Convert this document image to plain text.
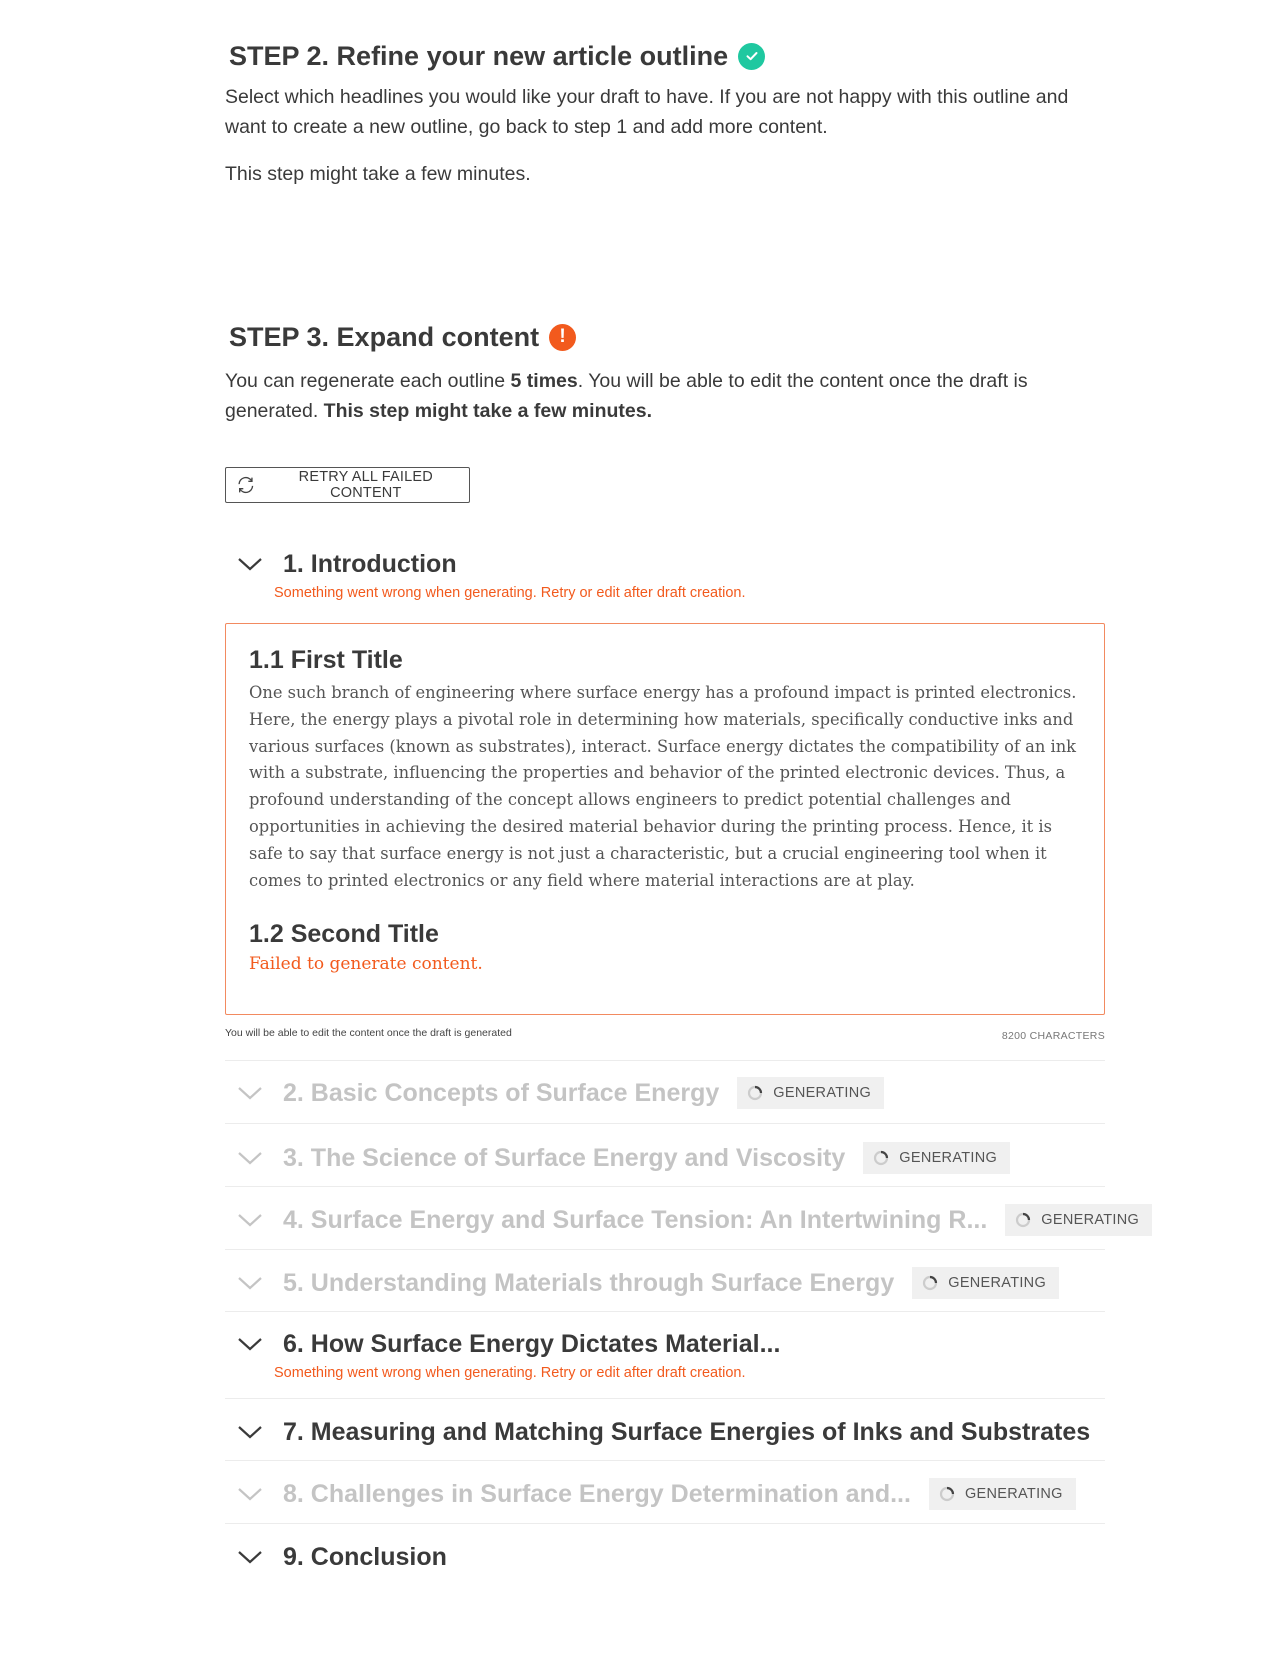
STEP 2. Refine your new article outline

Select which headlines you would like your draft to have. If you are not happy with this outline and want to create a new outline, go back to step 1 and add more content.

This step might take a few minutes.

STEP 3. Expand content	!

You can regenerate each outline 5 times. You will be able to edit the content once the draft is generated. This step might take a few minutes.

RETRY ALL FAILED CONTENT
1. Introduction
Something went wrong when generating. Retry or edit after draft creation.
1.1 First Title

One such branch of engineering where surface energy has a profound impact is printed electronics. Here, the energy plays a pivotal role in determining how materials, specifically conductive inks and various surfaces (known as substrates), interact. Surface energy dictates the compatibility of an ink with a substrate, influencing the properties and behavior of the printed electronic devices. Thus, a profound understanding of the concept allows engineers to predict potential challenges and opportunities in achieving the desired material behavior during the printing process. Hence, it is safe to say that surface energy is not just a characteristic, but a crucial engineering tool when it comes to printed electronics or any field where material interactions are at play.

1.2 Second Title
Failed to generate content.
You will be able to edit the content once the draft is generated	8200 CHARACTERS
2. Basic Concepts of Surface Energy	GENERATING
3. The Science of Surface Energy and Viscosity	GENERATING
4. Surface Energy and Surface Tension: An Intertwining R...	GENERATING
5. Understanding Materials through Surface Energy	GENERATING
6. How Surface Energy Dictates Material...
Something went wrong when generating. Retry or edit after draft creation.
7. Measuring and Matching Surface Energies of Inks and Substrates
8. Challenges in Surface Energy Determination and...	GENERATING
9. Conclusion
